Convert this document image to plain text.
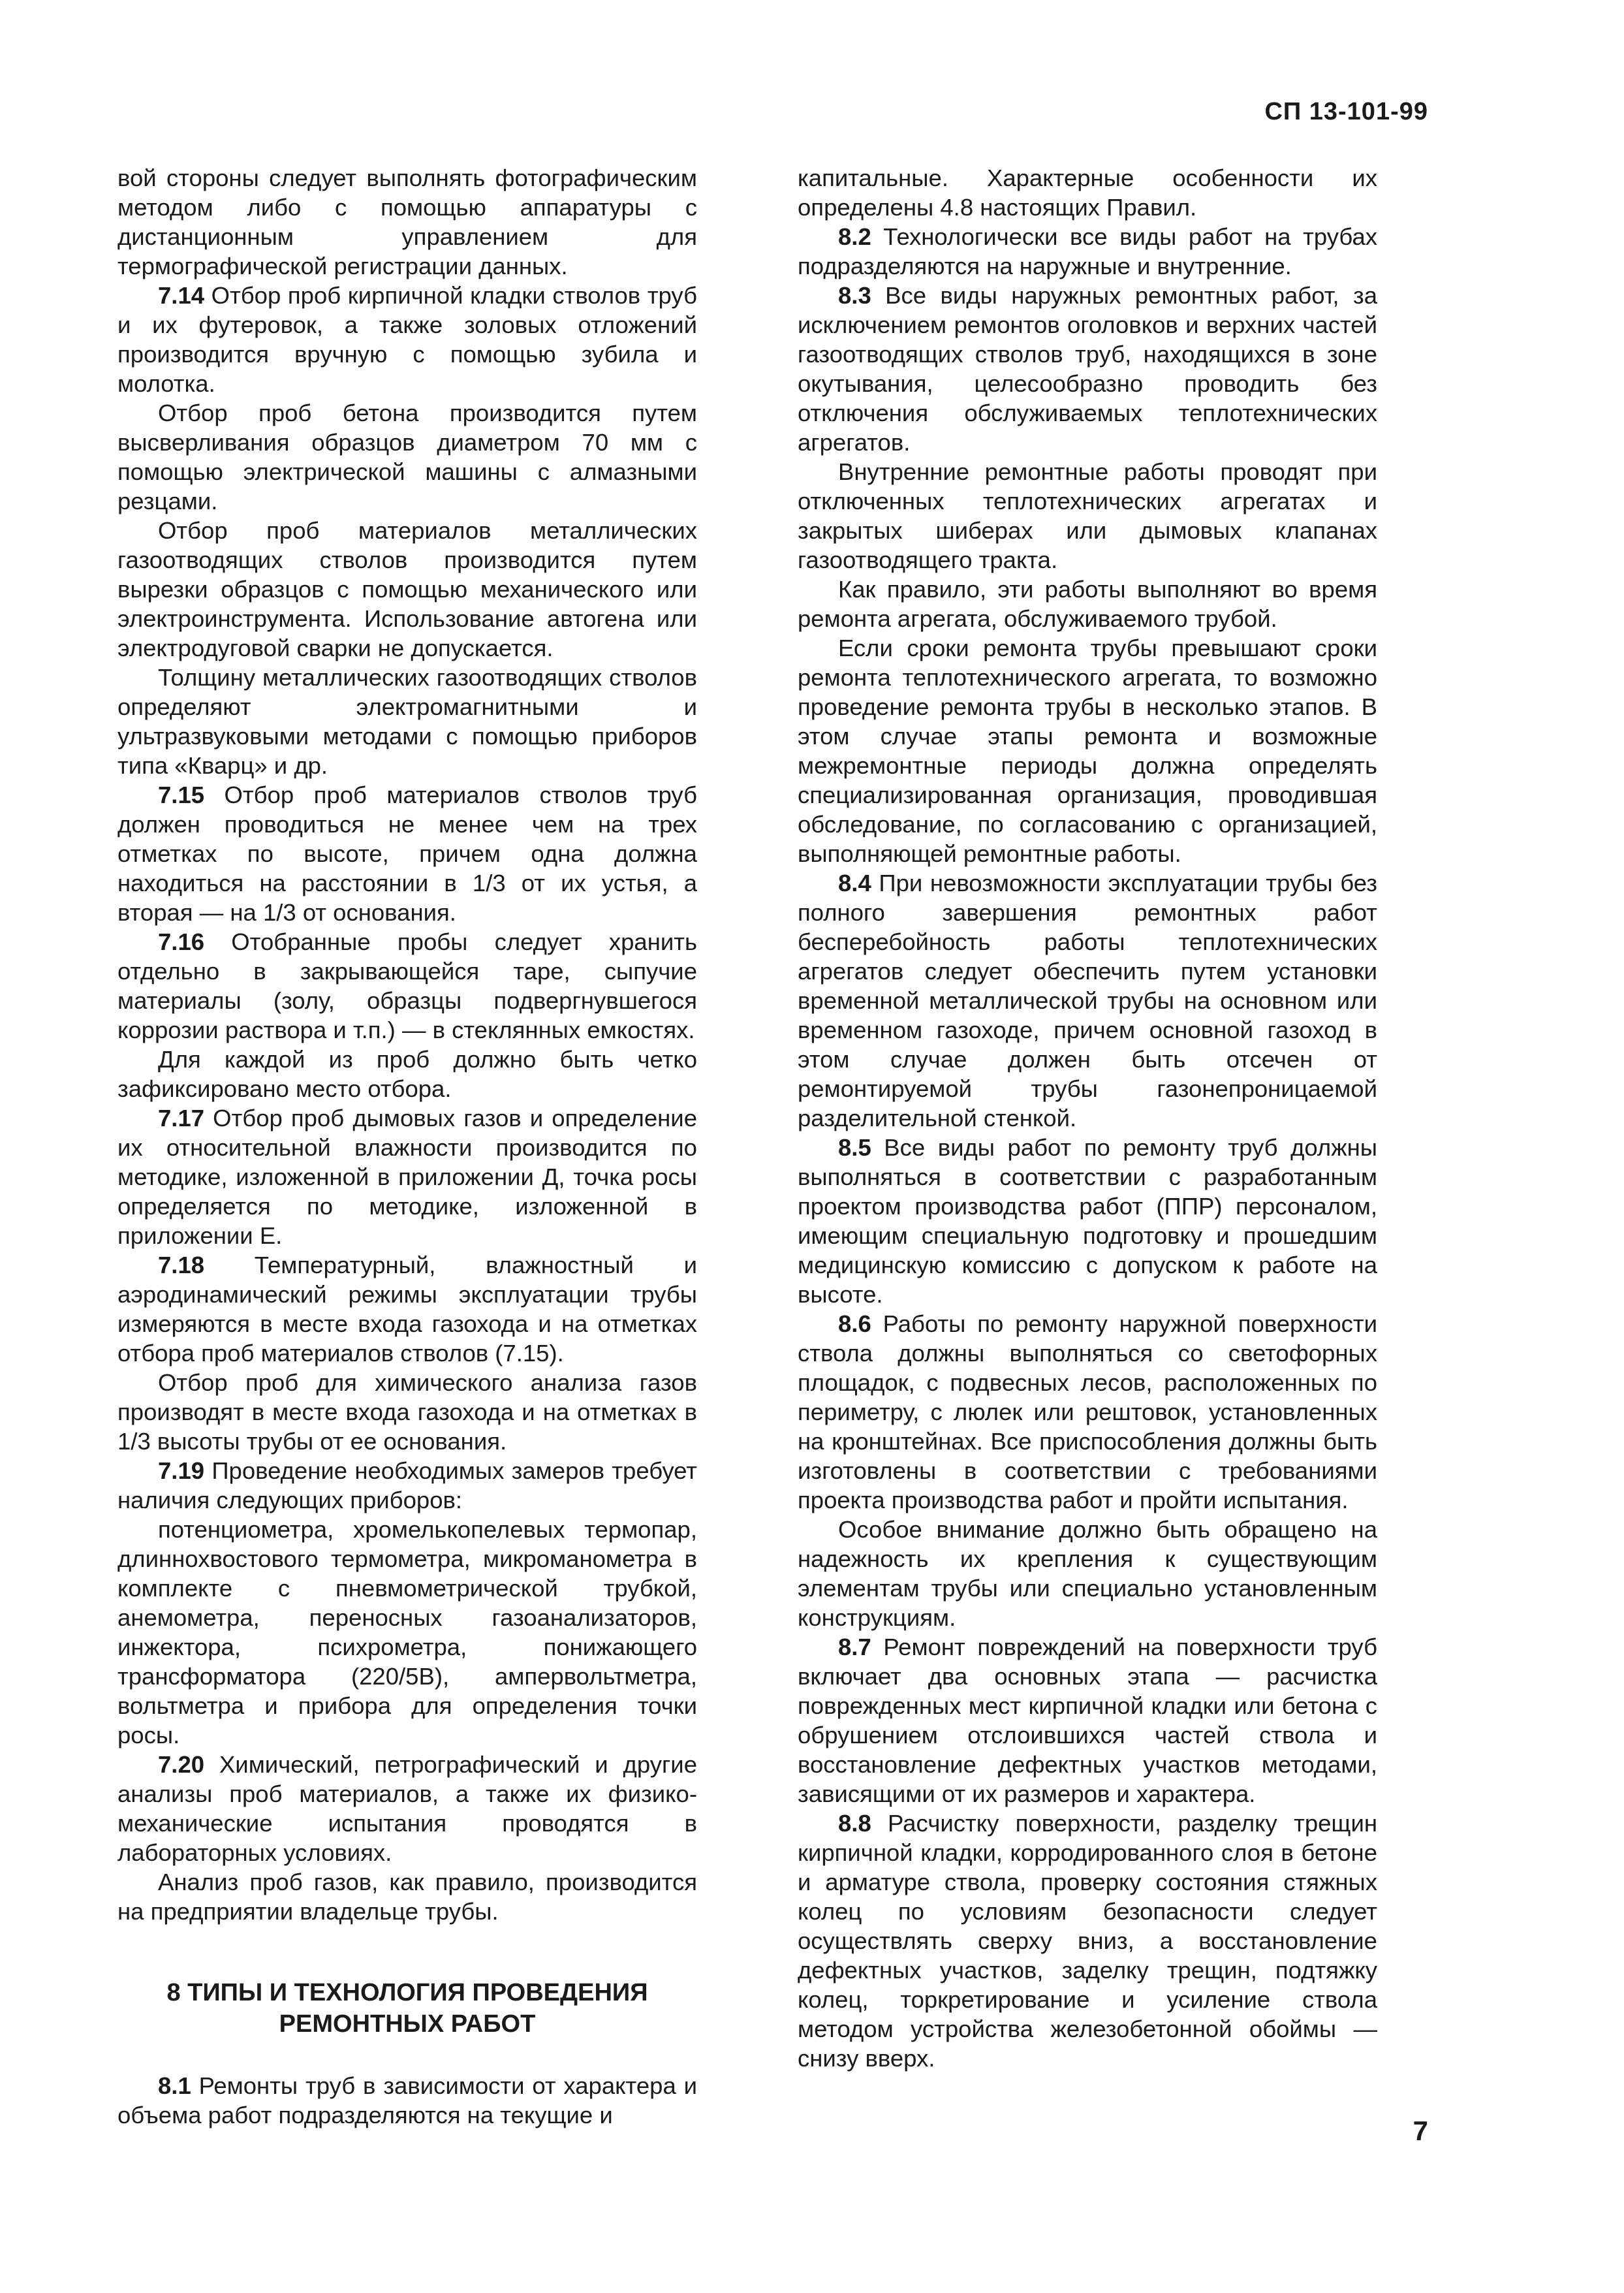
СП 13-101-99

вой стороны следует выполнять фотографическим методом либо с помощью аппаратуры с дистанционным управлением для термографической регистрации данных.

7.14 Отбор проб кирпичной кладки стволов труб и их футеровок, а также золовых отложений производится вручную с помощью зубила и молотка.

Отбор проб бетона производится путем высверливания образцов диаметром 70 мм с помощью электрической машины с алмазными резцами.

Отбор проб материалов металлических газоотводящих стволов производится путем вырезки образцов с помощью механического или электроинструмента. Использование автогена или электродуговой сварки не допускается.

Толщину металлических газоотводящих стволов определяют электромагнитными и ультразвуковыми методами с помощью приборов типа «Кварц» и др.

7.15 Отбор проб материалов стволов труб должен проводиться не менее чем на трех отметках по высоте, причем одна должна находиться на расстоянии в 1/3 от их устья, а вторая — на 1/3 от основания.

7.16 Отобранные пробы следует хранить отдельно в закрывающейся таре, сыпучие материалы (золу, образцы подвергнувшегося коррозии раствора и т.п.) — в стеклянных емкостях.

Для каждой из проб должно быть четко зафиксировано место отбора.

7.17 Отбор проб дымовых газов и определение их относительной влажности производится по методике, изложенной в приложении Д, точка росы определяется по методике, изложенной в приложении Е.

7.18 Температурный, влажностный и аэродинамический режимы эксплуатации трубы измеряются в месте входа газохода и на отметках отбора проб материалов стволов (7.15).

Отбор проб для химического анализа газов производят в месте входа газохода и на отметках в 1/3 высоты трубы от ее основания.

7.19 Проведение необходимых замеров требует наличия следующих приборов:

потенциометра, хромелькопелевых термопар, длиннохвостового термометра, микроманометра в комплекте с пневмометрической трубкой, анемометра, переносных газоанализаторов, инжектора, психрометра, понижающего трансформатора (220/5В), ампервольтметра, вольтметра и прибора для определения точки росы.

7.20 Химический, петрографический и другие анализы проб материалов, а также их физико-механические испытания проводятся в лабораторных условиях.

Анализ проб газов, как правило, производится на предприятии владельце трубы.

8 ТИПЫ И ТЕХНОЛОГИЯ ПРОВЕДЕНИЯ
РЕМОНТНЫХ РАБОТ

8.1 Ремонты труб в зависимости от характера и объема работ подразделяются на текущие и

капитальные. Характерные особенности их определены 4.8 настоящих Правил.

8.2 Технологически все виды работ на трубах подразделяются на наружные и внутренние.

8.3 Все виды наружных ремонтных работ, за исключением ремонтов оголовков и верхних частей газоотводящих стволов труб, находящихся в зоне окутывания, целесообразно проводить без отключения обслуживаемых теплотехнических агрегатов.

Внутренние ремонтные работы проводят при отключенных теплотехнических агрегатах и закрытых шиберах или дымовых клапанах газоотводящего тракта.

Как правило, эти работы выполняют во время ремонта агрегата, обслуживаемого трубой.

Если сроки ремонта трубы превышают сроки ремонта теплотехнического агрегата, то возможно проведение ремонта трубы в несколько этапов. В этом случае этапы ремонта и возможные межремонтные периоды должна определять специализированная организация, проводившая обследование, по согласованию с организацией, выполняющей ремонтные работы.

8.4 При невозможности эксплуатации трубы без полного завершения ремонтных работ бесперебойность работы теплотехнических агрегатов следует обеспечить путем установки временной металлической трубы на основном или временном газоходе, причем основной газоход в этом случае должен быть отсечен от ремонтируемой трубы газонепроницаемой разделительной стенкой.

8.5 Все виды работ по ремонту труб должны выполняться в соответствии с разработанным проектом производства работ (ППР) персоналом, имеющим специальную подготовку и прошедшим медицинскую комиссию с допуском к работе на высоте.

8.6 Работы по ремонту наружной поверхности ствола должны выполняться со светофорных площадок, с подвесных лесов, расположенных по периметру, с люлек или рештовок, установленных на кронштейнах. Все приспособления должны быть изготовлены в соответствии с требованиями проекта производства работ и пройти испытания.

Особое внимание должно быть обращено на надежность их крепления к существующим элементам трубы или специально установленным конструкциям.

8.7 Ремонт повреждений на поверхности труб включает два основных этапа — расчистка поврежденных мест кирпичной кладки или бетона с обрушением отслоившихся частей ствола и восстановление дефектных участков методами, зависящими от их размеров и характера.

8.8 Расчистку поверхности, разделку трещин кирпичной кладки, корродированного слоя в бетоне и арматуре ствола, проверку состояния стяжных колец по условиям безопасности следует осуществлять сверху вниз, а восстановление дефектных участков, заделку трещин, подтяжку колец, торкретирование и усиление ствола методом устройства железобетонной обоймы — снизу вверх.

7
